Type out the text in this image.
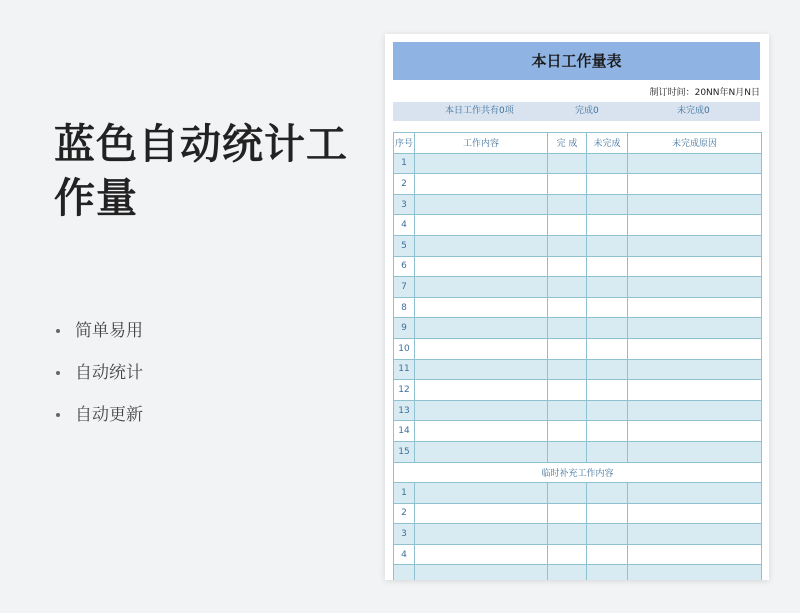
蓝色自动统计工作量
简单易用
自动统计
自动更新
本日工作量表
制订时间：20NN年N月N日
本日工作共有0项	完成0	未完成0
序号	工作内容	完 成	未完成	未完成原因
1				
2				
3				
4				
5				
6				
7				
8				
9				
10				
11				
12				
13				
14				
15				
临时补充工作内容				
1				
2				
3				
4				
